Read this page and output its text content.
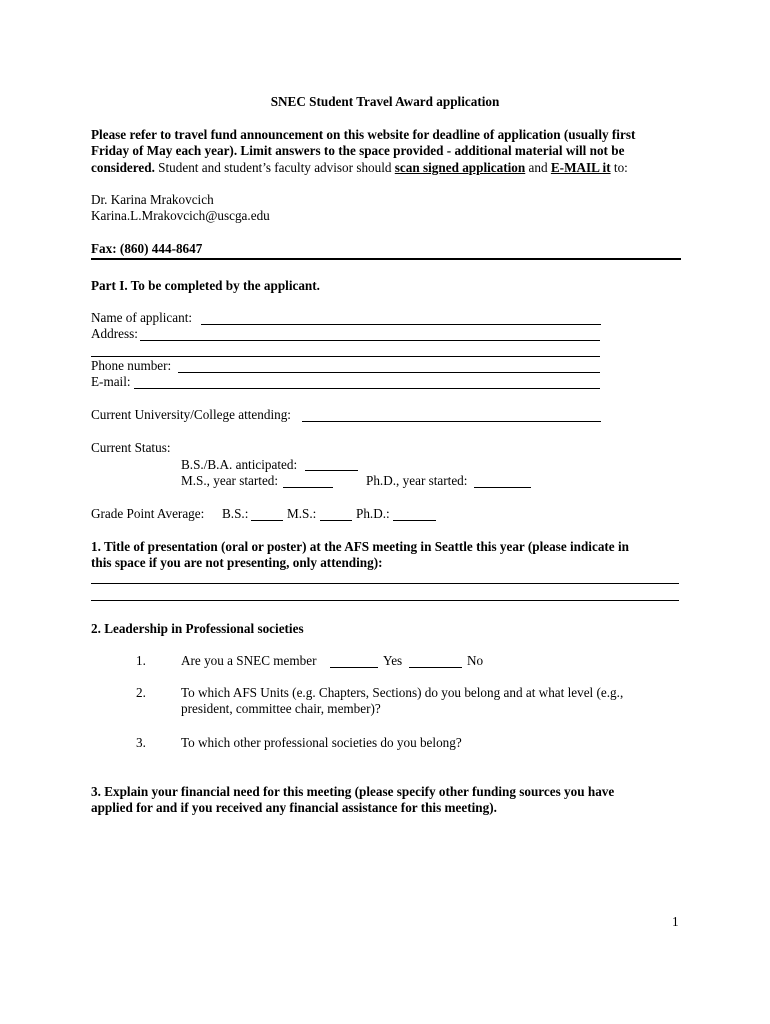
SNEC Student Travel Award application
Please refer to travel fund announcement on this website for deadline of application (usually first
Friday of May each year). Limit answers to the space provided - additional material will not be
considered. Student and student’s faculty advisor should scan signed application and E-MAIL it to:
Dr. Karina Mrakovcich
Karina.L.Mrakovcich@uscga.edu
Fax: (860) 444-8647
Part I. To be completed by the applicant.
Name of applicant:
Address:
Phone number:
E-mail:
Current University/College attending:
Current Status:
B.S./B.A. anticipated:
M.S., year started:	Ph.D., year started:
Grade Point Average: B.S.:	M.S.:	Ph.D.:
1. Title of presentation (oral or poster) at the AFS meeting in Seattle this year (please indicate in
this space if you are not presenting, only attending):
2. Leadership in Professional societies
1.	Are you a SNEC member	Yes	No
2.	To which AFS Units (e.g. Chapters, Sections) do you belong and at what level (e.g.,
president, committee chair, member)?
3.	To which other professional societies do you belong?
3. Explain your financial need for this meeting (please specify other funding sources you have
applied for and if you received any financial assistance for this meeting).
1
